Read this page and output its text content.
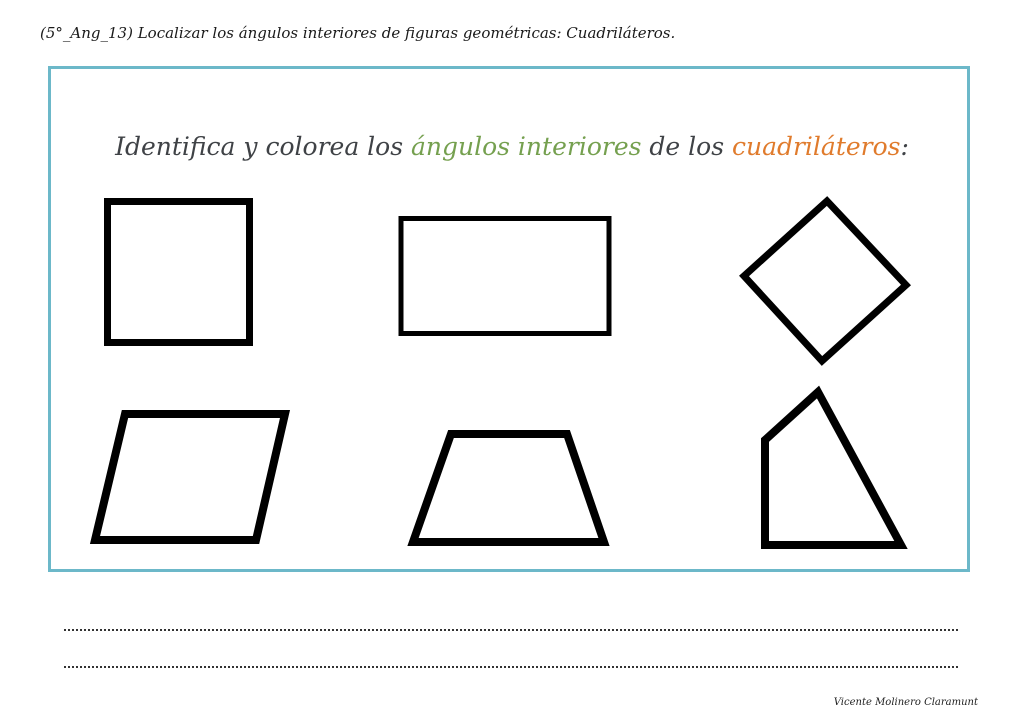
(5°_Ang_13) Localizar los ángulos interiores de figuras geométricas: Cuadriláteros.
Identifica y colorea los ángulos interiores de los cuadriláteros:
Vicente Molinero Claramunt
